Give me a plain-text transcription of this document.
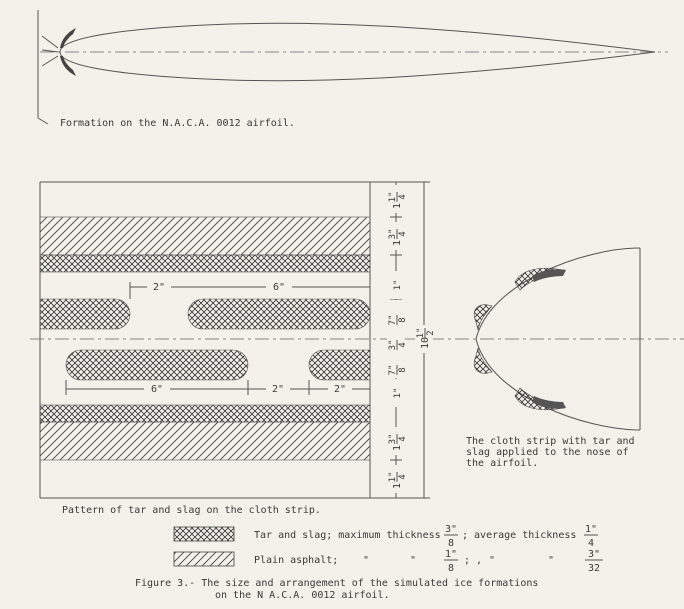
Formation on the N.A.C.A. 0012 airfoil.
2"	6"
6"	2"	2"
1
1" 4
1
3" 4
1"
7" 8
3" 4
7" 8
1"
1
3" 4
1
1" 4
10
1" 2
Pattern of tar and slag on the cloth strip.
The cloth strip with tar and slag applied to the nose of the airfoil.
Tar and slag; maximum thickness
3"
8
; average thickness
1"
4
Plain asphalt; "	"
1"
8
; , "	"
3"
32
Figure 3.- The size and arrangement of the simulated ice formations
on the N A.C.A. 0012 airfoil.
